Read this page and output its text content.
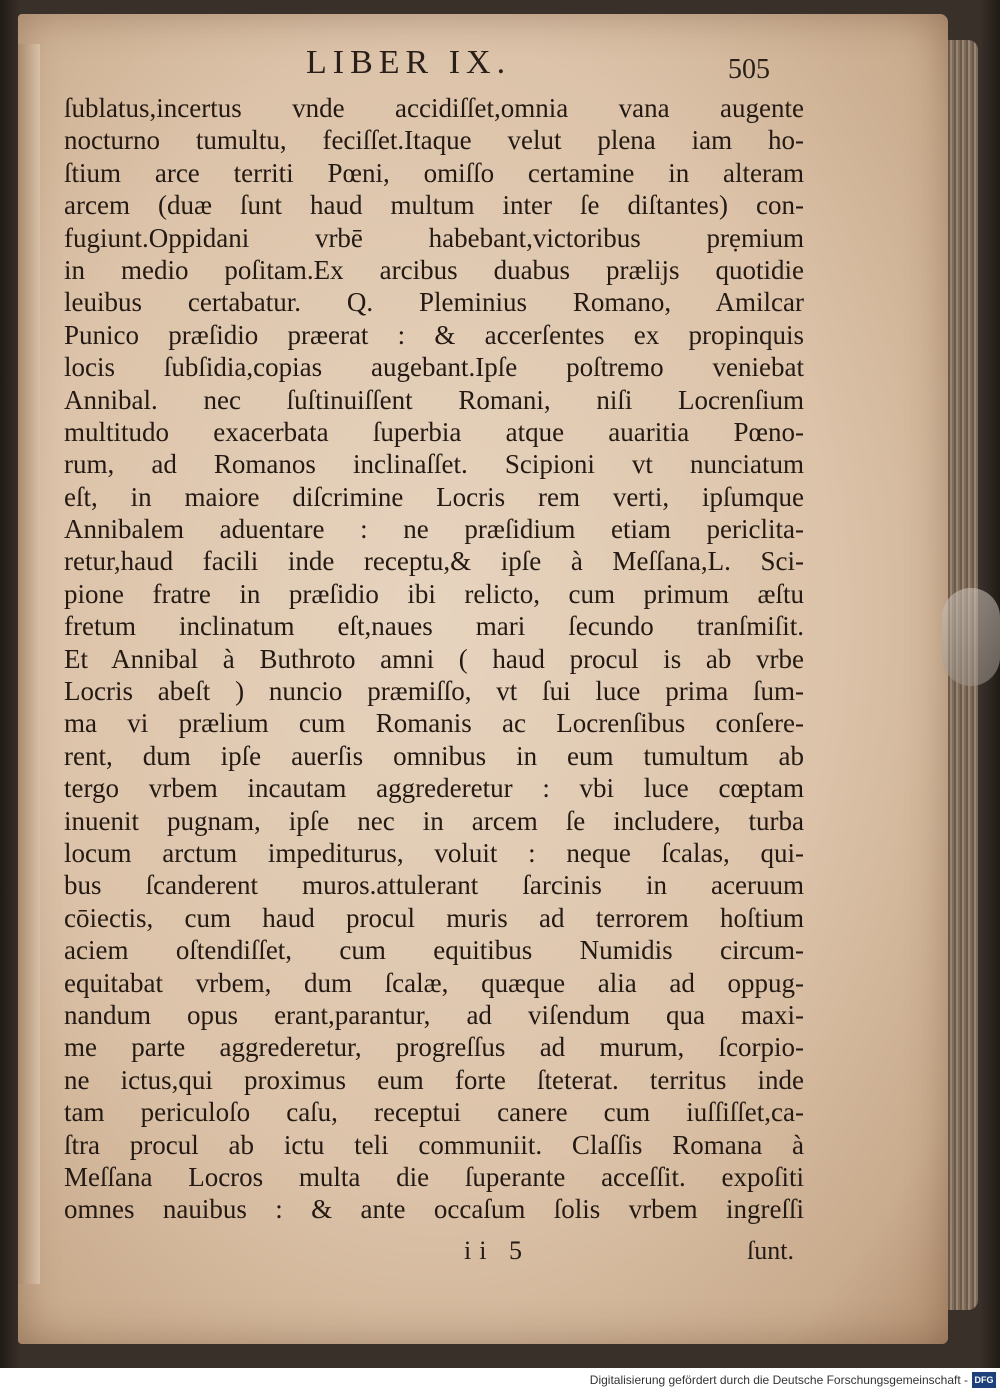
LIBER IX.	505
ſublatus,incertus vnde accidiſſet,omnia vana augente
nocturno tumultu, feciſſet.Itaque velut plena iam ho-
ſtium arce territi Pœni, omiſſo certamine in alteram
arcem (duæ ſunt haud multum inter ſe diſtantes) con-
fugiunt.Oppidani vrbē habebant,victoribus prẹmium
in medio poſitam.Ex arcibus duabus prælijs quotidie
leuibus certabatur. Q. Pleminius Romano, Amilcar
Punico præſidio præerat : & accerſentes ex propinquis
locis ſubſidia,copias augebant.Ipſe poſtremo veniebat
Annibal. nec ſuſtinuiſſent Romani, niſi Locrenſium
multitudo exacerbata ſuperbia atque auaritia Pœno-
rum, ad Romanos inclinaſſet. Scipioni vt nunciatum
eſt, in maiore diſcrimine Locris rem verti, ipſumque
Annibalem aduentare : ne præſidium etiam periclita-
retur,haud facili inde receptu,& ipſe à Meſſana,L. Sci-
pione fratre in præſidio ibi relicto, cum primum æſtu
fretum inclinatum eſt,naues mari ſecundo tranſmiſit.
Et Annibal à Buthroto amni ( haud procul is ab vrbe
Locris abeſt ) nuncio præmiſſo, vt ſui luce prima ſum-
ma vi prælium cum Romanis ac Locrenſibus conſere-
rent, dum ipſe auerſis omnibus in eum tumultum ab
tergo vrbem incautam aggrederetur : vbi luce cœptam
inuenit pugnam, ipſe nec in arcem ſe includere, turba
locum arctum impediturus, voluit : neque ſcalas, qui-
bus ſcanderent muros.attulerant ſarcinis in aceruum
cōiectis, cum haud procul muris ad terrorem hoſtium
aciem oſtendiſſet, cum equitibus Numidis circum-
equitabat vrbem, dum ſcalæ, quæque alia ad oppug-
nandum opus erant,parantur, ad viſendum qua maxi-
me parte aggrederetur, progreſſus ad murum, ſcorpio-
ne ictus,qui proximus eum forte ſteterat. territus inde
tam periculoſo caſu, receptui canere cum iuſſiſſet,ca-
ſtra procul ab ictu teli communiit. Claſſis Romana à
Meſſana Locros multa die ſuperante acceſſit. expoſiti
omnes nauibus : & ante occaſum ſolis vrbem ingreſſi
ii 5	ſunt.
Digitalisierung gefördert durch die Deutsche Forschungsgemeinschaft - DFG
